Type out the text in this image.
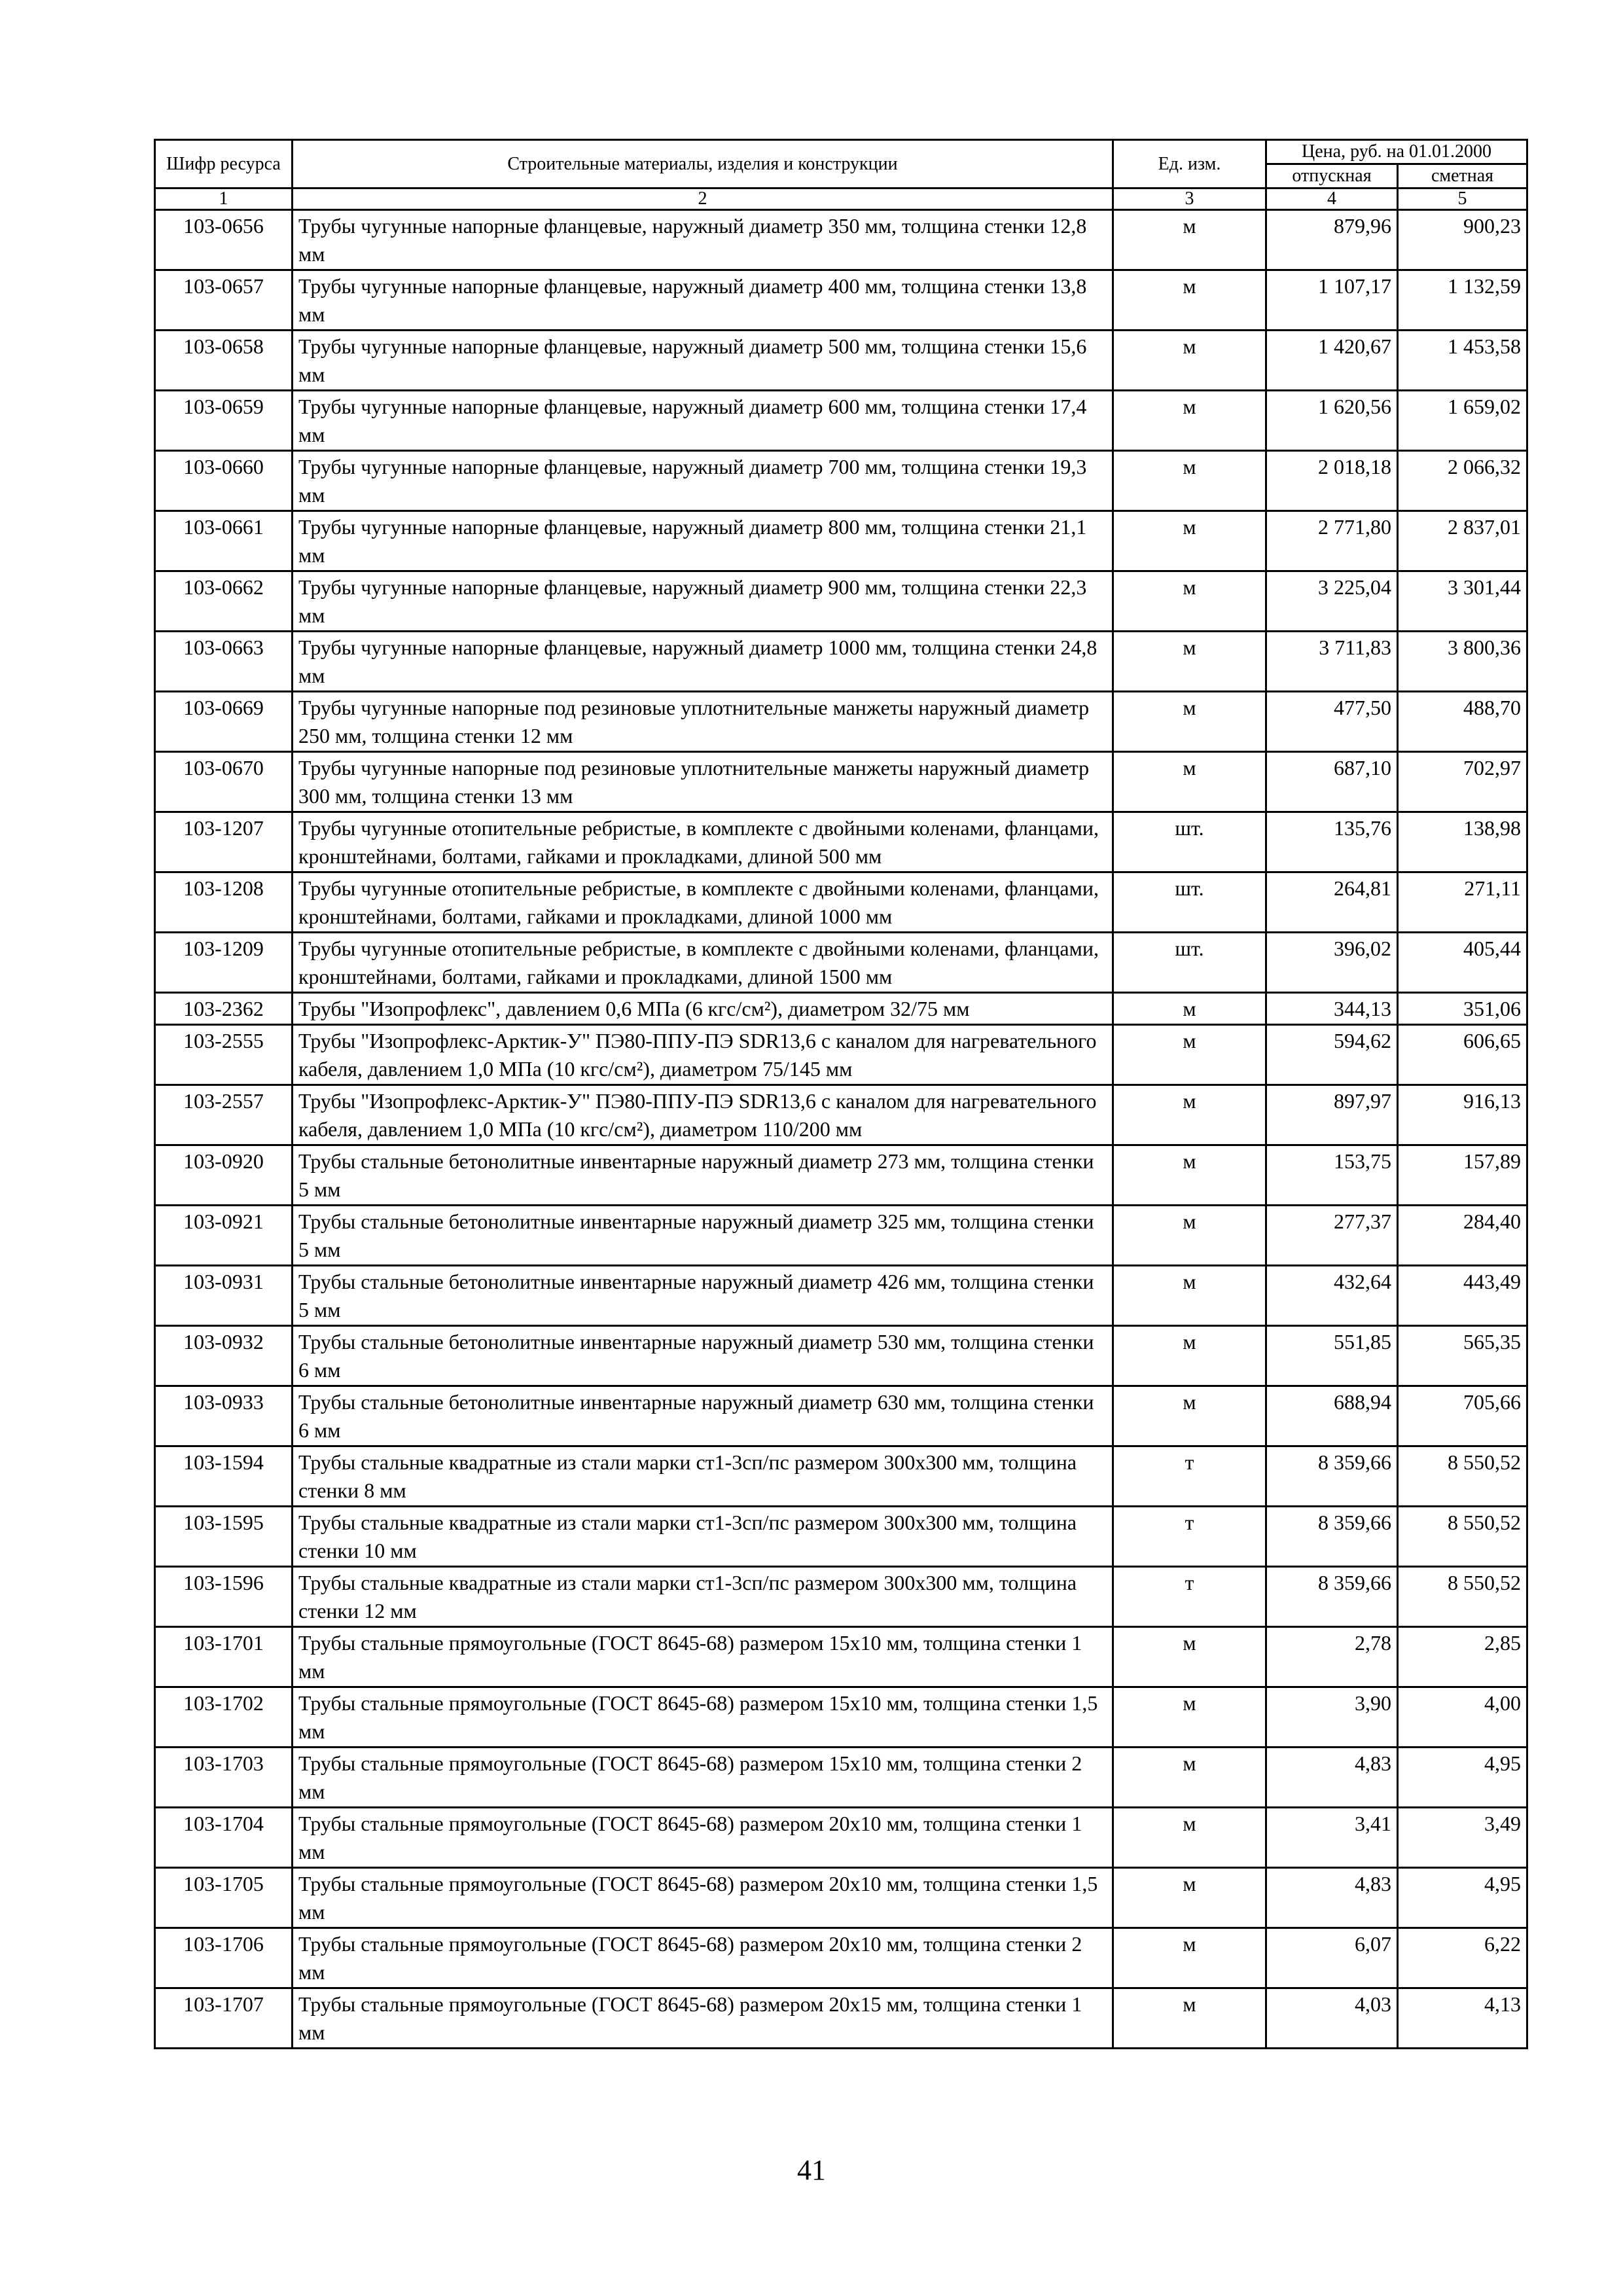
Шифр ресурса	Строительные материалы, изделия и конструкции	Ед. изм.	Цена, руб. на 01.01.2000	
			отпускная	сметная
1	2	3	4	5
103-0656	Трубы чугунные напорные фланцевые, наружный диаметр 350 мм, толщина стенки 12,8 мм	м	879,96	900,23
103-0657	Трубы чугунные напорные фланцевые, наружный диаметр 400 мм, толщина стенки 13,8 мм	м	1 107,17	1 132,59
103-0658	Трубы чугунные напорные фланцевые, наружный диаметр 500 мм, толщина стенки 15,6 мм	м	1 420,67	1 453,58
103-0659	Трубы чугунные напорные фланцевые, наружный диаметр 600 мм, толщина стенки 17,4 мм	м	1 620,56	1 659,02
103-0660	Трубы чугунные напорные фланцевые, наружный диаметр 700 мм, толщина стенки 19,3 мм	м	2 018,18	2 066,32
103-0661	Трубы чугунные напорные фланцевые, наружный диаметр 800 мм, толщина стенки 21,1 мм	м	2 771,80	2 837,01
103-0662	Трубы чугунные напорные фланцевые, наружный диаметр 900 мм, толщина стенки 22,3 мм	м	3 225,04	3 301,44
103-0663	Трубы чугунные напорные фланцевые, наружный диаметр 1000 мм, толщина стенки 24,8 мм	м	3 711,83	3 800,36
103-0669	Трубы чугунные напорные под резиновые уплотнительные манжеты наружный диаметр 250 мм, толщина стенки 12 мм	м	477,50	488,70
103-0670	Трубы чугунные напорные под резиновые уплотнительные манжеты наружный диаметр 300 мм, толщина стенки 13 мм	м	687,10	702,97
103-1207	Трубы чугунные отопительные ребристые, в комплекте с двойными коленами, фланцами, кронштейнами, болтами, гайками и прокладками, длиной 500 мм	шт.	135,76	138,98
103-1208	Трубы чугунные отопительные ребристые, в комплекте с двойными коленами, фланцами, кронштейнами, болтами, гайками и прокладками, длиной 1000 мм	шт.	264,81	271,11
103-1209	Трубы чугунные отопительные ребристые, в комплекте с двойными коленами, фланцами, кронштейнами, болтами, гайками и прокладками, длиной 1500 мм	шт.	396,02	405,44
103-2362	Трубы "Изопрофлекс", давлением 0,6 МПа (6 кгс/см²), диаметром 32/75 мм	м	344,13	351,06
103-2555	Трубы "Изопрофлекс-Арктик-У" ПЭ80-ППУ-ПЭ SDR13,6 с каналом для нагревательного кабеля, давлением 1,0 МПа (10 кгс/см²), диаметром 75/145 мм	м	594,62	606,65
103-2557	Трубы "Изопрофлекс-Арктик-У" ПЭ80-ППУ-ПЭ SDR13,6 с каналом для нагревательного кабеля, давлением 1,0 МПа (10 кгс/см²), диаметром 110/200 мм	м	897,97	916,13
103-0920	Трубы стальные бетонолитные инвентарные наружный диаметр 273 мм, толщина стенки 5 мм	м	153,75	157,89
103-0921	Трубы стальные бетонолитные инвентарные наружный диаметр 325 мм, толщина стенки 5 мм	м	277,37	284,40
103-0931	Трубы стальные бетонолитные инвентарные наружный диаметр 426 мм, толщина стенки 5 мм	м	432,64	443,49
103-0932	Трубы стальные бетонолитные инвентарные наружный диаметр 530 мм, толщина стенки 6 мм	м	551,85	565,35
103-0933	Трубы стальные бетонолитные инвентарные наружный диаметр 630 мм, толщина стенки 6 мм	м	688,94	705,66
103-1594	Трубы стальные квадратные из стали марки ст1-3сп/пс размером 300х300 мм, толщина стенки 8 мм	т	8 359,66	8 550,52
103-1595	Трубы стальные квадратные из стали марки ст1-3сп/пс размером 300х300 мм, толщина стенки 10 мм	т	8 359,66	8 550,52
103-1596	Трубы стальные квадратные из стали марки ст1-3сп/пс размером 300х300 мм, толщина стенки 12 мм	т	8 359,66	8 550,52
103-1701	Трубы стальные прямоугольные (ГОСТ 8645-68) размером 15х10 мм, толщина стенки 1 мм	м	2,78	2,85
103-1702	Трубы стальные прямоугольные (ГОСТ 8645-68) размером 15х10 мм, толщина стенки 1,5 мм	м	3,90	4,00
103-1703	Трубы стальные прямоугольные (ГОСТ 8645-68) размером 15х10 мм, толщина стенки 2 мм	м	4,83	4,95
103-1704	Трубы стальные прямоугольные (ГОСТ 8645-68) размером 20х10 мм, толщина стенки 1 мм	м	3,41	3,49
103-1705	Трубы стальные прямоугольные (ГОСТ 8645-68) размером 20х10 мм, толщина стенки 1,5 мм	м	4,83	4,95
103-1706	Трубы стальные прямоугольные (ГОСТ 8645-68) размером 20х10 мм, толщина стенки 2 мм	м	6,07	6,22
103-1707	Трубы стальные прямоугольные (ГОСТ 8645-68) размером 20х15 мм, толщина стенки 1 мм	м	4,03	4,13
41
